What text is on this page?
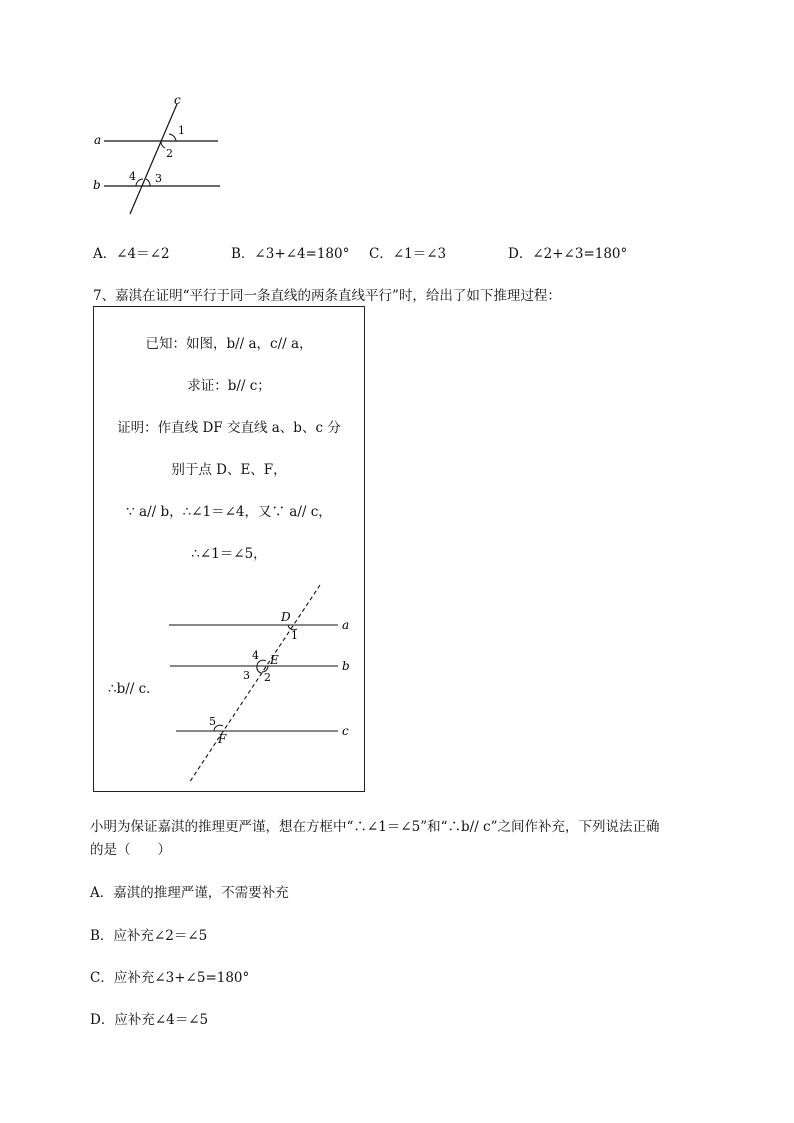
c
a
b
1
2
3
4
A．∠4＝∠2	B．∠3+∠4=180° C．∠1＝∠3	D．∠2+∠3=180°
7、嘉淇在证明“平行于同一条直线的两条直线平行”时，给出了如下推理过程：
已知：如图，b// a，c// a，
求证：b// c；
证明：作直线 DF 交直线 a、b、c 分
别于点 D、E、F，
∵ a// b，∴∠1＝∠4，又∵ a// c，
∴∠1＝∠5，
∴b// c．
a
b
c
D
E
F
1
4
2
3
5
小明为保证嘉淇的推理更严谨，想在方框中“∴∠1＝∠5”和“∴b// c”之间作补充，下列说法正确
的是（　　）
A．嘉淇的推理严谨，不需要补充
B．应补充∠2＝∠5
C．应补充∠3+∠5=180°
D．应补充∠4＝∠5
